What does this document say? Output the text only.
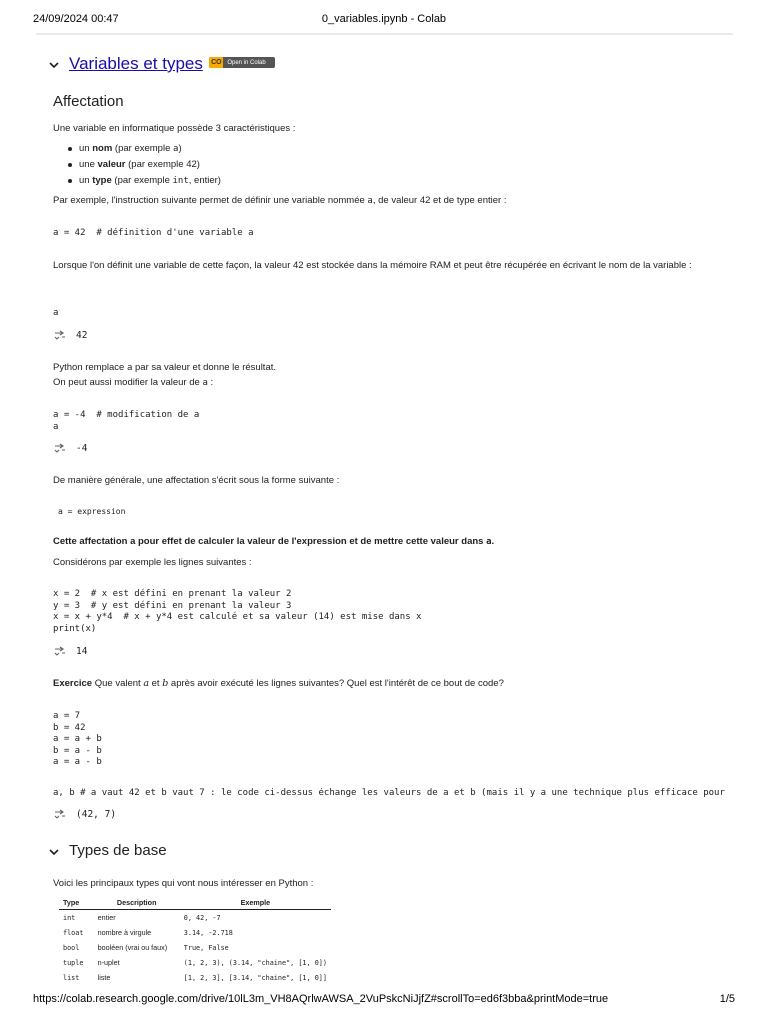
24/09/2024 00:47	0_variables.ipynb - Colab
Variables et types CO Open in Colab
Affectation
Une variable en informatique possède 3 caractéristiques :
un nom (par exemple a)
une valeur (par exemple 42)
un type (par exemple int, entier)
Par exemple, l'instruction suivante permet de définir une variable nommée a, de valeur 42 et de type entier :
a = 42  # définition d'une variable a
Lorsque l'on définit une variable de cette façon, la valeur 42 est stockée dans la mémoire RAM et peut être récupérée en écrivant le nom de la variable :
a
42
Python remplace a par sa valeur et donne le résultat.
On peut aussi modifier la valeur de a :
a = -4  # modification de a
a
-4
De manière générale, une affectation s'écrit sous la forme suivante :
a = expression
Cette affectation a pour effet de calculer la valeur de l'expression et de mettre cette valeur dans a.
Considérons par exemple les lignes suivantes :
x = 2  # x est défini en prenant la valeur 2
y = 3  # y est défini en prenant la valeur 3
x = x + y*4  # x + y*4 est calculé et sa valeur (14) est mise dans x
print(x)
14
Exercice Que valent a et b après avoir exécuté les lignes suivantes? Quel est l'intérêt de ce bout de code?
a = 7
b = 42
a = a + b
b = a - b
a = a - b
a, b # a vaut 42 et b vaut 7 : le code ci-dessus échange les valeurs de a et b (mais il y a une technique plus efficace pour
(42, 7)
Types de base
Voici les principaux types qui vont nous intéresser en Python :
Type	Description	Exemple
int	entier	0, 42, -7
float	nombre à virgule	3.14, -2.718
bool	booléen (vrai ou faux)	True, False
tuple	n-uplet	(1, 2, 3), (3.14, "chaine", [1, 0])
list	liste	[1, 2, 3], [3.14, "chaine", [1, 0]]
https://colab.research.google.com/drive/10lL3m_VH8AQrlwAWSA_2VuPskcNiJjfZ#scrollTo=ed6f3bba&printMode=true	1/5
